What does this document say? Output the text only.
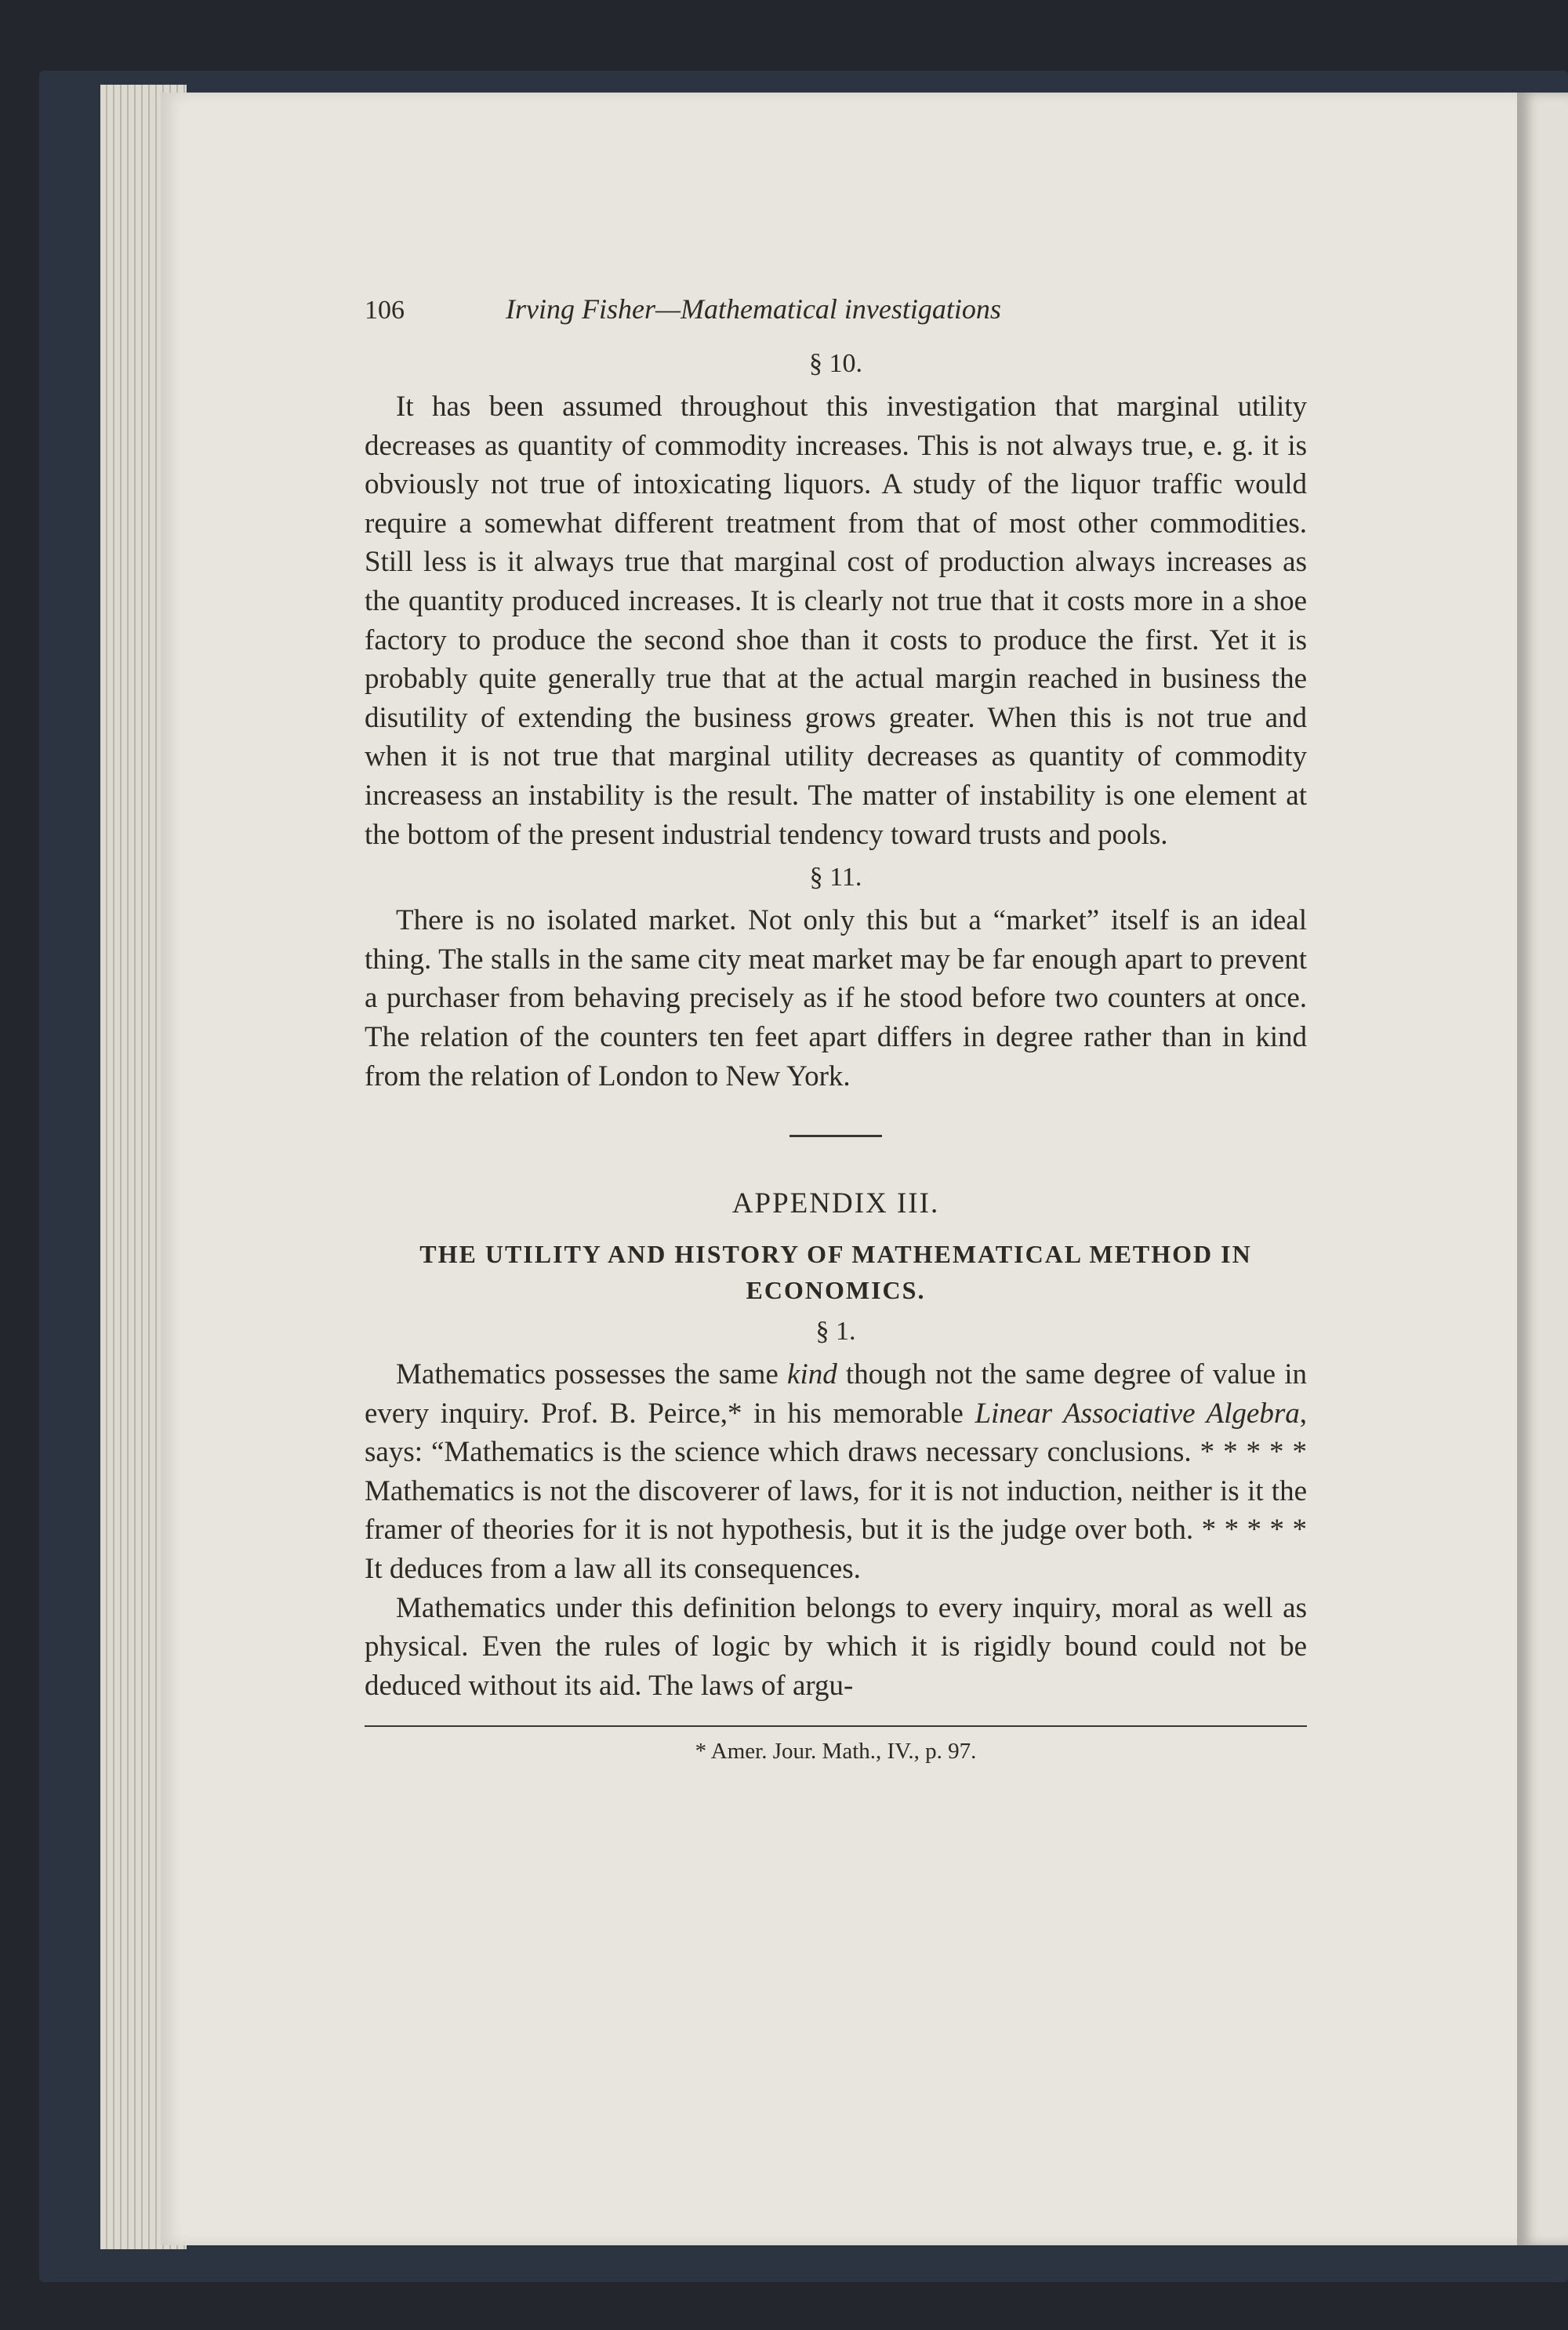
106	Irving Fisher—Mathematical investigations
§ 10.

It has been assumed throughout this investigation that marginal utility decreases as quantity of commodity increases. This is not always true, e. g. it is obviously not true of intoxicating liquors. A study of the liquor traffic would require a somewhat different treatment from that of most other commodities. Still less is it always true that marginal cost of production always increases as the quantity produced increases. It is clearly not true that it costs more in a shoe factory to produce the second shoe than it costs to produce the first. Yet it is probably quite generally true that at the actual margin reached in business the disutility of extending the business grows greater. When this is not true and when it is not true that marginal utility decreases as quantity of commodity increasess an instability is the result. The matter of instability is one element at the bottom of the present industrial tendency toward trusts and pools.

§ 11.

There is no isolated market. Not only this but a “market” itself is an ideal thing. The stalls in the same city meat market may be far enough apart to prevent a purchaser from behaving precisely as if he stood before two counters at once. The relation of the counters ten feet apart differs in degree rather than in kind from the relation of London to New York.

APPENDIX III.
THE UTILITY AND HISTORY OF MATHEMATICAL METHOD IN ECONOMICS.
§ 1.

Mathematics possesses the same kind though not the same degree of value in every inquiry. Prof. B. Peirce,* in his memorable Linear Associative Algebra, says: “Mathematics is the science which draws necessary conclusions. * * * * * Mathematics is not the discoverer of laws, for it is not induction, neither is it the framer of theories for it is not hypothesis, but it is the judge over both. * * * * * It deduces from a law all its consequences.

Mathematics under this definition belongs to every inquiry, moral as well as physical. Even the rules of logic by which it is rigidly bound could not be deduced without its aid. The laws of argu-

* Amer. Jour. Math., IV., p. 97.
